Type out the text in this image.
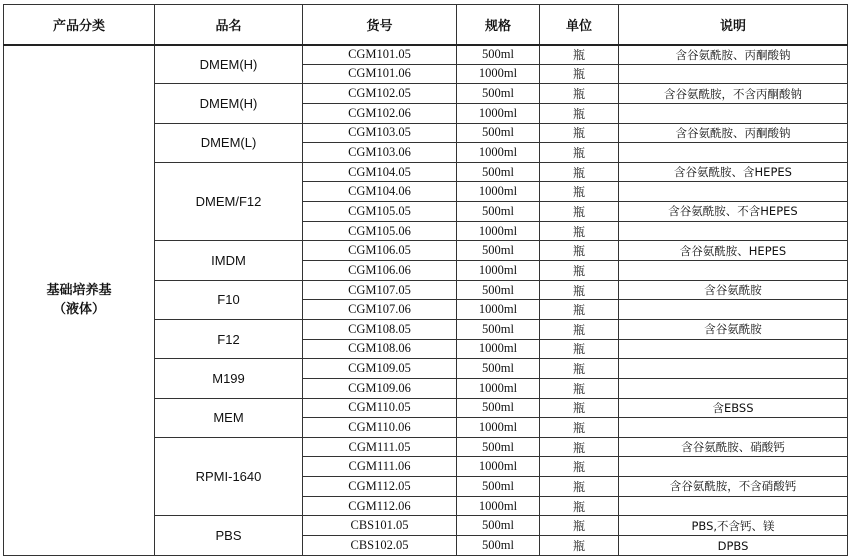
产品分类	品名	货号	规格	单位	说明

基础培养基
（液体）	DMEM(H)	CGM101.05	500ml	瓶	含谷氨酰胺、丙酮酸钠
		CGM101.06	1000ml	瓶	
	DMEM(H)	CGM102.05	500ml	瓶	含谷氨酰胺，不含丙酮酸钠
		CGM102.06	1000ml	瓶	
	DMEM(L)	CGM103.05	500ml	瓶	含谷氨酰胺、丙酮酸钠
		CGM103.06	1000ml	瓶	
	DMEM/F12	CGM104.05	500ml	瓶	含谷氨酰胺、含HEPES
		CGM104.06	1000ml	瓶	
		CGM105.05	500ml	瓶	含谷氨酰胺、不含HEPES
		CGM105.06	1000ml	瓶	
	IMDM	CGM106.05	500ml	瓶	含谷氨酰胺、HEPES
		CGM106.06	1000ml	瓶	
	F10	CGM107.05	500ml	瓶	含谷氨酰胺
		CGM107.06	1000ml	瓶	
	F12	CGM108.05	500ml	瓶	含谷氨酰胺
		CGM108.06	1000ml	瓶	
	M199	CGM109.05	500ml	瓶	
		CGM109.06	1000ml	瓶	
	MEM	CGM110.05	500ml	瓶	含EBSS
		CGM110.06	1000ml	瓶	
	RPMI-1640	CGM111.05	500ml	瓶	含谷氨酰胺、硝酸钙
		CGM111.06	1000ml	瓶	
		CGM112.05	500ml	瓶	含谷氨酰胺，不含硝酸钙
		CGM112.06	1000ml	瓶	
	PBS	CBS101.05	500ml	瓶	PBS,不含钙、镁
		CBS102.05	500ml	瓶	DPBS
